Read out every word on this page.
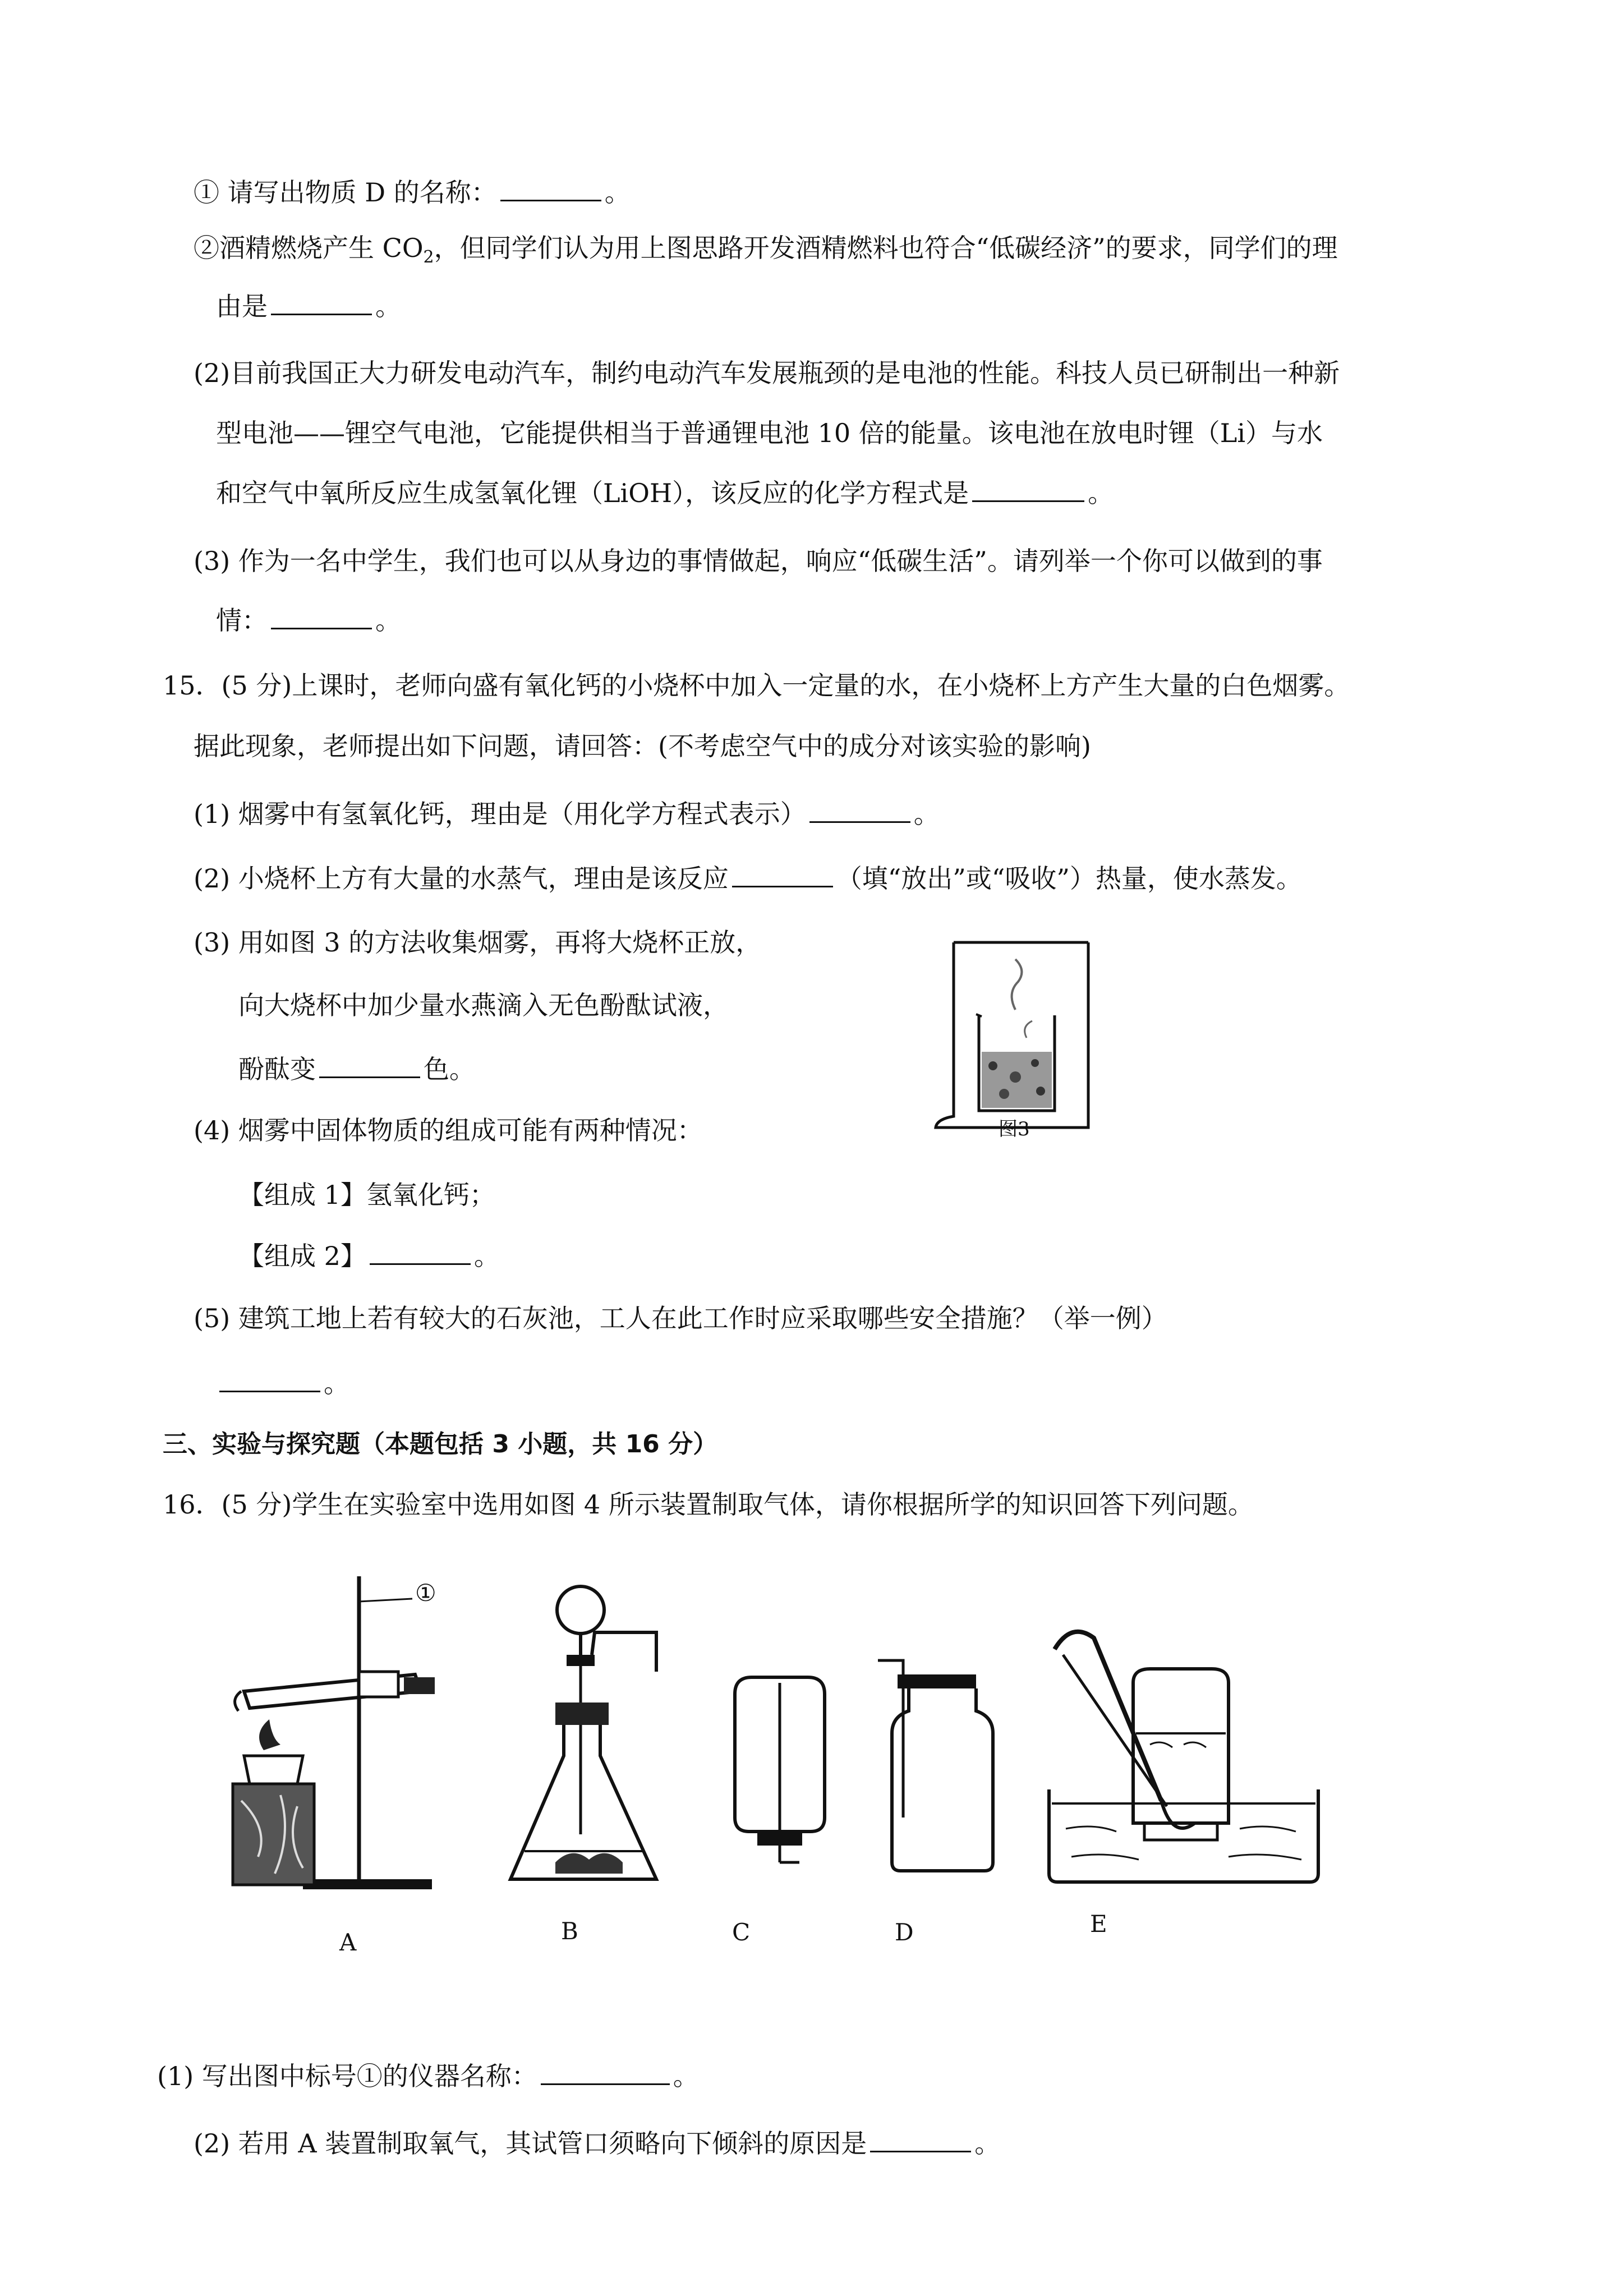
① 请写出物质 D 的名称：	。
②酒精燃烧产生 $CO_2$，但同学们认为用上图思路开发酒精燃料也符合“低碳经济”的要求，同学们的理
由是	。
(2)目前我国正大力研发电动汽车，制约电动汽车发展瓶颈的是电池的性能。科技人员已研制出一种新
型电池——锂空气电池，它能提供相当于普通锂电池 10 倍的能量。该电池在放电时锂（Li）与水
和空气中氧所反应生成氢氧化锂（LiOH），该反应的化学方程式是	。
(3) 作为一名中学生，我们也可以从身边的事情做起，响应“低碳生活”。请列举一个你可以做到的事
情：	。
15．(5 分)上课时，老师向盛有氧化钙的小烧杯中加入一定量的水，在小烧杯上方产生大量的白色烟雾。
据此现象，老师提出如下问题，请回答：(不考虑空气中的成分对该实验的影响)
(1) 烟雾中有氢氧化钙，理由是（用化学方程式表示）	。
(2) 小烧杯上方有大量的水蒸气，理由是该反应	（填“放出”或“吸收”）热量，使水蒸发。
(3) 用如图 3 的方法收集烟雾，再将大烧杯正放，
向大烧杯中加少量水燕滴入无色酚酞试液，
酚酞变	色。
图3
(4) 烟雾中固体物质的组成可能有两种情况：
【组成 1】氢氧化钙；
【组成 2】	。
(5) 建筑工地上若有较大的石灰池，工人在此工作时应采取哪些安全措施？（举一例）
。
三、实验与探究题（本题包括 3 小题，共 16 分）
16．(5 分)学生在实验室中选用如图 4 所示装置制取气体，请你根据所学的知识回答下列问题。
①
A	B	C	D	E
(1) 写出图中标号①的仪器名称：	。
(2) 若用 A 装置制取氧气，其试管口须略向下倾斜的原因是	。
